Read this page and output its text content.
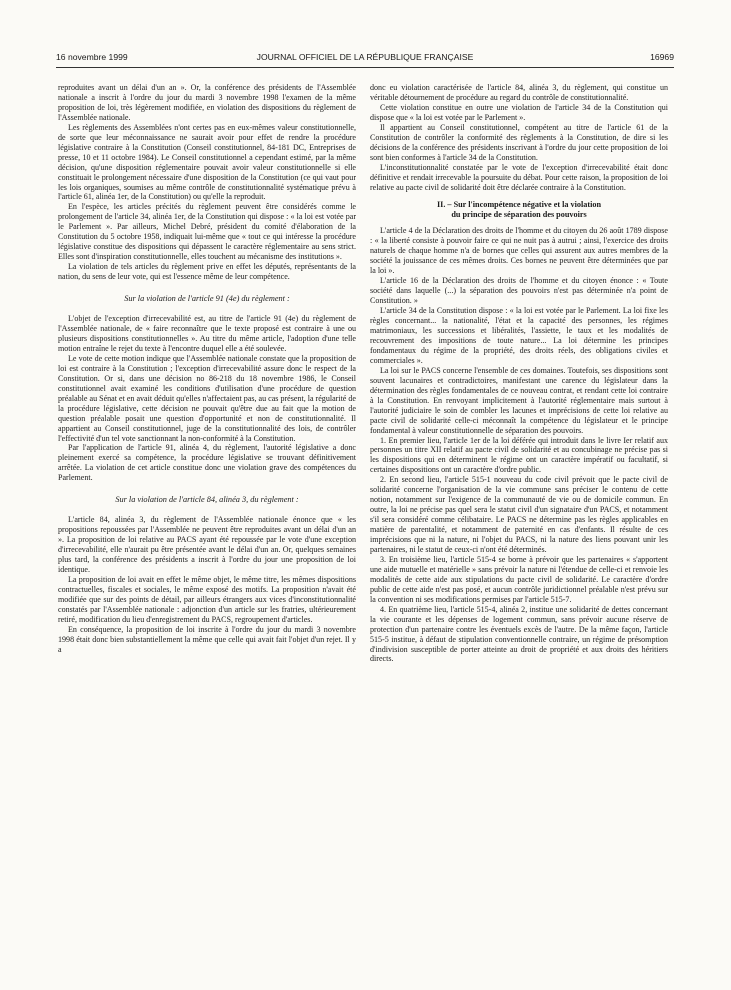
16 novembre 1999	JOURNAL OFFICIEL DE LA RÉPUBLIQUE FRANÇAISE	16969

reproduites avant un délai d'un an ». Or, la conférence des présidents de l'Assemblée nationale a inscrit à l'ordre du jour du mardi 3 novembre 1998 l'examen de la même proposition de loi, très légèrement modifiée, en violation des dispositions du règlement de l'Assemblée nationale.

Les règlements des Assemblées n'ont certes pas en eux-mêmes valeur constitutionnelle, de sorte que leur méconnaissance ne saurait avoir pour effet de rendre la procédure législative contraire à la Constitution (Conseil constitutionnel, 84-181 DC, Entreprises de presse, 10 et 11 octobre 1984). Le Conseil constitutionnel a cependant estimé, par la même décision, qu'une disposition réglementaire pouvait avoir valeur constitutionnelle si elle constituait le prolongement nécessaire d'une disposition de la Constitution (ce qui vaut pour les lois organiques, soumises au même contrôle de constitutionnalité systématique prévu à l'article 61, alinéa 1er, de la Constitution) ou qu'elle la reproduit.

En l'espèce, les articles précités du règlement peuvent être considérés comme le prolongement de l'article 34, alinéa 1er, de la Constitution qui dispose : « la loi est votée par le Parlement ». Par ailleurs, Michel Debré, président du comité d'élaboration de la Constitution du 5 octobre 1958, indiquait lui-même que « tout ce qui intéresse la procédure législative constitue des dispositions qui dépassent le caractère réglementaire au sens strict. Elles sont d'inspiration constitutionnelle, elles touchent au mécanisme des institutions ».

La violation de tels articles du règlement prive en effet les députés, représentants de la nation, du sens de leur vote, qui est l'essence même de leur compétence.

Sur la violation de l'article 91 (4e) du règlement :

L'objet de l'exception d'irrecevabilité est, au titre de l'article 91 (4e) du règlement de l'Assemblée nationale, de « faire reconnaître que le texte proposé est contraire à une ou plusieurs dispositions constitutionnelles ». Au titre du même article, l'adoption d'une telle motion entraîne le rejet du texte à l'encontre duquel elle a été soulevée.

Le vote de cette motion indique que l'Assemblée nationale constate que la proposition de loi est contraire à la Constitution ; l'exception d'irrecevabilité assure donc le respect de la Constitution. Or si, dans une décision no 86-218 du 18 novembre 1986, le Conseil constitutionnel avait examiné les conditions d'utilisation d'une procédure de question préalable au Sénat et en avait déduit qu'elles n'affectaient pas, au cas présent, la régularité de la procédure législative, cette décision ne pouvait qu'être due au fait que la motion de question préalable posait une question d'opportunité et non de constitutionnalité. Il appartient au Conseil constitutionnel, juge de la constitutionnalité des lois, de contrôler l'effectivité d'un tel vote sanctionnant la non-conformité à la Constitution.

Par l'application de l'article 91, alinéa 4, du règlement, l'autorité législative a donc pleinement exercé sa compétence, la procédure législative se trouvant définitivement arrêtée. La violation de cet article constitue donc une violation grave des compétences du Parlement.

Sur la violation de l'article 84, alinéa 3, du règlement :

L'article 84, alinéa 3, du règlement de l'Assemblée nationale énonce que « les propositions repoussées par l'Assemblée ne peuvent être reproduites avant un délai d'un an ». La proposition de loi relative au PACS ayant été repoussée par le vote d'une exception d'irrecevabilité, elle n'aurait pu être présentée avant le délai d'un an. Or, quelques semaines plus tard, la conférence des présidents a inscrit à l'ordre du jour une proposition de loi identique.

La proposition de loi avait en effet le même objet, le même titre, les mêmes dispositions contractuelles, fiscales et sociales, le même exposé des motifs. La proposition n'avait été modifiée que sur des points de détail, par ailleurs étrangers aux vices d'inconstitutionnalité constatés par l'Assemblée nationale : adjonction d'un article sur les fratries, ultérieurement retiré, modification du lieu d'enregistrement du PACS, regroupement d'articles.

En conséquence, la proposition de loi inscrite à l'ordre du jour du mardi 3 novembre 1998 était donc bien substantiellement la même que celle qui avait fait l'objet d'un rejet. Il y a

donc eu violation caractérisée de l'article 84, alinéa 3, du règlement, qui constitue un véritable détournement de procédure au regard du contrôle de constitutionnalité.

Cette violation constitue en outre une violation de l'article 34 de la Constitution qui dispose que « la loi est votée par le Parlement ».

Il appartient au Conseil constitutionnel, compétent au titre de l'article 61 de la Constitution de contrôler la conformité des règlements à la Constitution, de dire si les décisions de la conférence des présidents inscrivant à l'ordre du jour cette proposition de loi sont bien conformes à l'article 34 de la Constitution.

L'inconstitutionnalité constatée par le vote de l'exception d'irrecevabilité était donc définitive et rendait irrecevable la poursuite du débat. Pour cette raison, la proposition de loi relative au pacte civil de solidarité doit être déclarée contraire à la Constitution.

II. – Sur l'incompétence négative et la violation
du principe de séparation des pouvoirs

L'article 4 de la Déclaration des droits de l'homme et du citoyen du 26 août 1789 dispose : « la liberté consiste à pouvoir faire ce qui ne nuit pas à autrui ; ainsi, l'exercice des droits naturels de chaque homme n'a de bornes que celles qui assurent aux autres membres de la société la jouissance de ces mêmes droits. Ces bornes ne peuvent être déterminées que par la loi ».

L'article 16 de la Déclaration des droits de l'homme et du citoyen énonce : « Toute société dans laquelle (...) la séparation des pouvoirs n'est pas déterminée n'a point de Constitution. »

L'article 34 de la Constitution dispose : « la loi est votée par le Parlement. La loi fixe les règles concernant... la nationalité, l'état et la capacité des personnes, les régimes matrimoniaux, les successions et libéralités, l'assiette, le taux et les modalités de recouvrement des impositions de toute nature... La loi détermine les principes fondamentaux du régime de la propriété, des droits réels, des obligations civiles et commerciales ».

La loi sur le PACS concerne l'ensemble de ces domaines. Toutefois, ses dispositions sont souvent lacunaires et contradictoires, manifestant une carence du législateur dans la détermination des règles fondamentales de ce nouveau contrat, et rendant cette loi contraire à la Constitution. En renvoyant implicitement à l'autorité réglementaire mais surtout à l'autorité judiciaire le soin de combler les lacunes et imprécisions de cette loi relative au pacte civil de solidarité celle-ci méconnaît la compétence du législateur et le principe fondamental à valeur constitutionnelle de séparation des pouvoirs.

1. En premier lieu, l'article 1er de la loi déférée qui introduit dans le livre Ier relatif aux personnes un titre XII relatif au pacte civil de solidarité et au concubinage ne précise pas si les dispositions qui en déterminent le régime ont un caractère impératif ou facultatif, si certaines dispositions ont un caractère d'ordre public.

2. En second lieu, l'article 515-1 nouveau du code civil prévoit que le pacte civil de solidarité concerne l'organisation de la vie commune sans préciser le contenu de cette notion, notamment sur l'exigence de la communauté de vie ou de domicile commun. En outre, la loi ne précise pas quel sera le statut civil d'un signataire d'un PACS, et notamment s'il sera considéré comme célibataire. Le PACS ne détermine pas les règles applicables en matière de parentalité, et notamment de paternité en cas d'enfants. Il résulte de ces imprécisions que ni la nature, ni l'objet du PACS, ni la nature des liens pouvant unir les partenaires, ni le statut de ceux-ci n'ont été déterminés.

3. En troisième lieu, l'article 515-4 se borne à prévoir que les partenaires « s'apportent une aide mutuelle et matérielle » sans prévoir la nature ni l'étendue de celle-ci et renvoie les modalités de cette aide aux stipulations du pacte civil de solidarité. Le caractère d'ordre public de cette aide n'est pas posé, et aucun contrôle juridictionnel préalable n'est prévu sur la convention ni ses modifications permises par l'article 515-7.

4. En quatrième lieu, l'article 515-4, alinéa 2, institue une solidarité de dettes concernant la vie courante et les dépenses de logement commun, sans prévoir aucune réserve de protection d'un partenaire contre les éventuels excès de l'autre. De la même façon, l'article 515-5 institue, à défaut de stipulation conventionnelle contraire, un régime de présomption d'indivision susceptible de porter atteinte au droit de propriété et aux droits des héritiers directs.
